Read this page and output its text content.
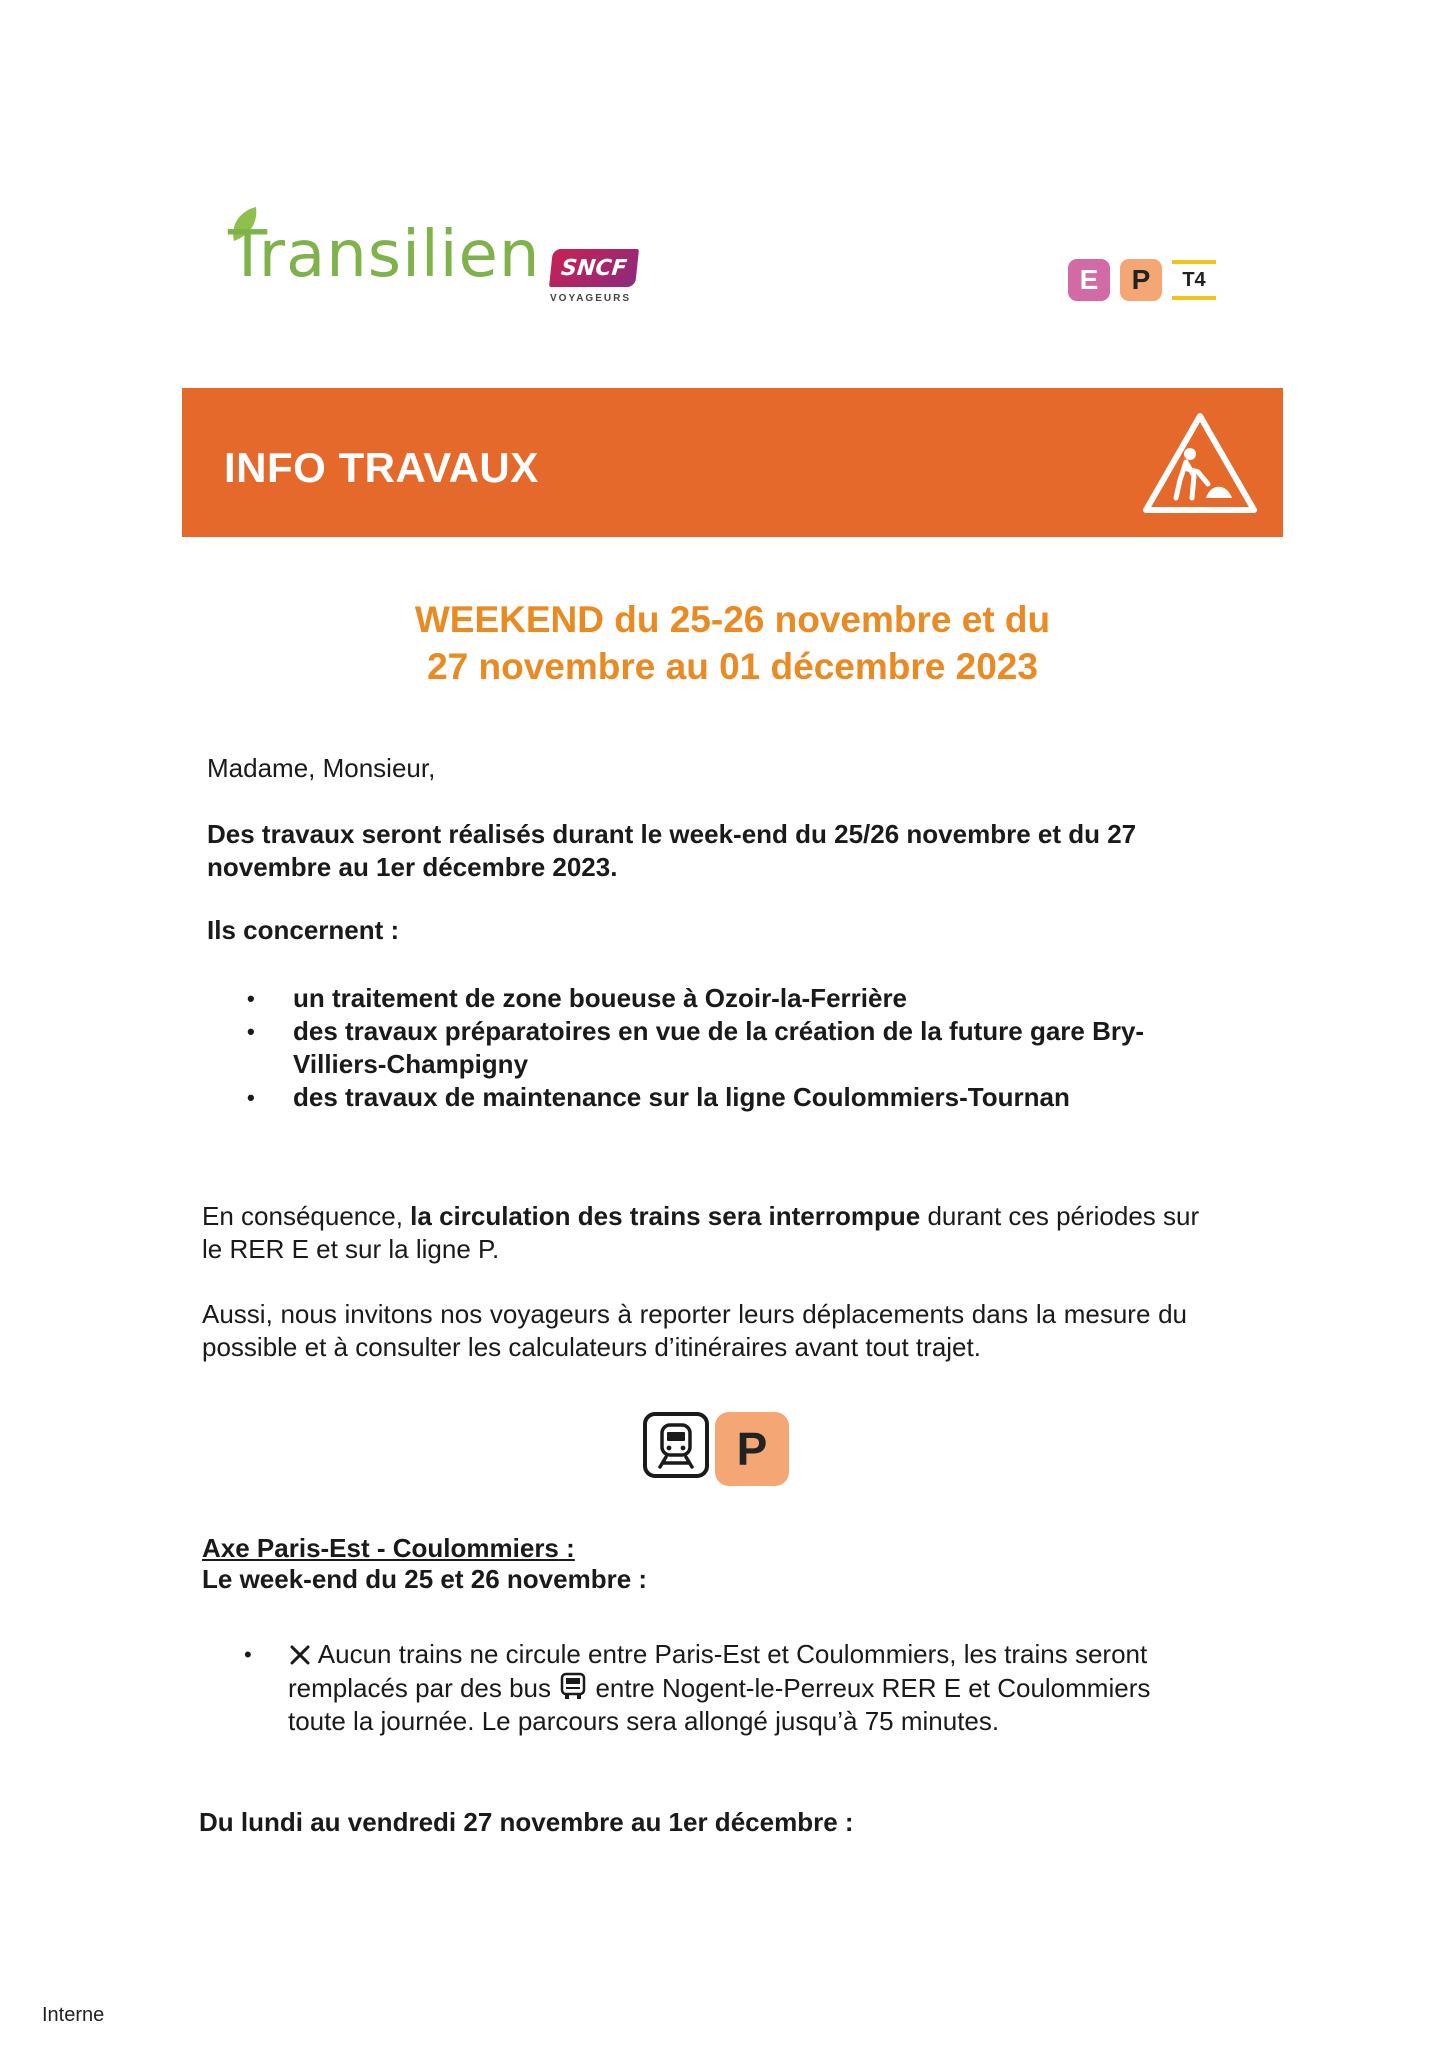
Transilien SNCF
VOYAGEURS
E	P	T4
INFO TRAVAUX
WEEKEND du 25-26 novembre et du
27 novembre au 01 décembre 2023
Madame, Monsieur,
Des travaux seront réalisés durant le week-end du 25/26 novembre et du 27 novembre au 1er décembre 2023.
Ils concernent :
• un traitement de zone boueuse à Ozoir-la-Ferrière
• des travaux préparatoires en vue de la création de la future gare Bry-Villiers-Champigny
• des travaux de maintenance sur la ligne Coulommiers-Tournan
En conséquence, la circulation des trains sera interrompue durant ces périodes sur le RER E et sur la ligne P.
Aussi, nous invitons nos voyageurs à reporter leurs déplacements dans la mesure du possible et à consulter les calculateurs d’itinéraires avant tout trajet.
P
Axe Paris-Est - Coulommiers :
Le week-end du 25 et 26 novembre :
•	Aucun trains ne circule entre Paris-Est et Coulommiers, les trains seront remplacés par des bus  entre Nogent-le-Perreux RER E et Coulommiers toute la journée. Le parcours sera allongé jusqu’à 75 minutes.
Du lundi au vendredi 27 novembre au 1er décembre :
Interne
